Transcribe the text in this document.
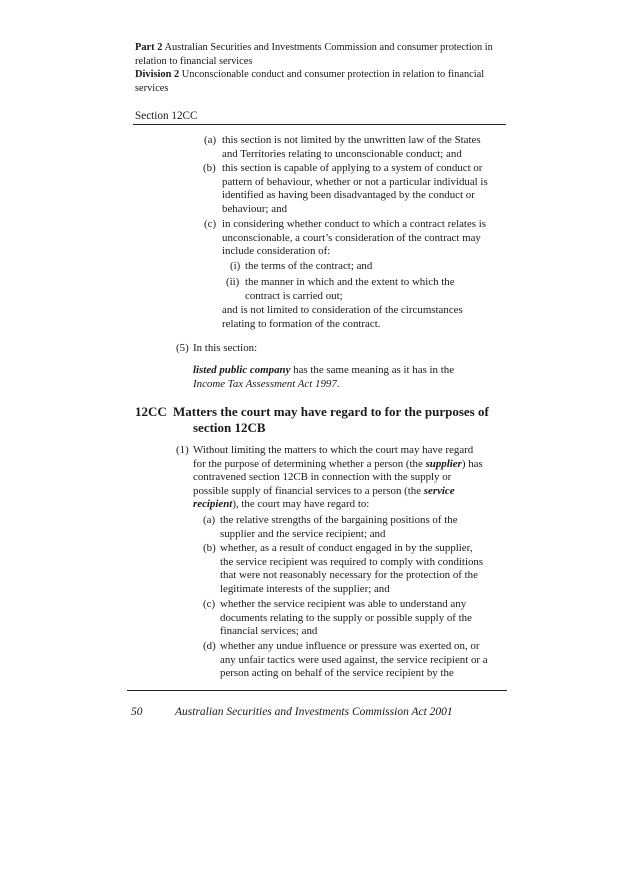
Part 2 Australian Securities and Investments Commission and consumer protection in
relation to financial services
Division 2 Unconscionable conduct and consumer protection in relation to financial
services
Section 12CC
(a) this section is not limited by the unwritten law of the States
and Territories relating to unconscionable conduct; and
(b) this section is capable of applying to a system of conduct or
pattern of behaviour, whether or not a particular individual is
identified as having been disadvantaged by the conduct or
behaviour; and
(c) in considering whether conduct to which a contract relates is
unconscionable, a court’s consideration of the contract may
include consideration of:
(i) the terms of the contract; and
(ii) the manner in which and the extent to which the
contract is carried out;
and is not limited to consideration of the circumstances
relating to formation of the contract.
(5) In this section:
listed public company has the same meaning as it has in the
Income Tax Assessment Act 1997.
12CC Matters the court may have regard to for the purposes of
section 12CB
(1) Without limiting the matters to which the court may have regard
for the purpose of determining whether a person (the supplier) has
contravened section 12CB in connection with the supply or
possible supply of financial services to a person (the service
recipient), the court may have regard to:
(a) the relative strengths of the bargaining positions of the
supplier and the service recipient; and
(b) whether, as a result of conduct engaged in by the supplier,
the service recipient was required to comply with conditions
that were not reasonably necessary for the protection of the
legitimate interests of the supplier; and
(c) whether the service recipient was able to understand any
documents relating to the supply or possible supply of the
financial services; and
(d) whether any undue influence or pressure was exerted on, or
any unfair tactics were used against, the service recipient or a
person acting on behalf of the service recipient by the
50	Australian Securities and Investments Commission Act 2001
